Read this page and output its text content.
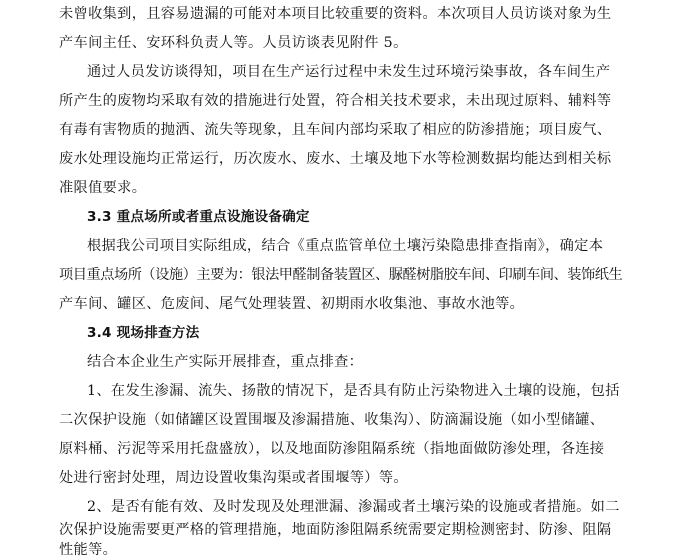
未曾收集到，且容易遗漏的可能对本项目比较重要的资料。本次项目人员访谈对象为生
产车间主任、安环科负责人等。人员访谈表见附件 5。
通过人员发访谈得知，项目在生产运行过程中未发生过环境污染事故，各车间生产
所产生的废物均采取有效的措施进行处置，符合相关技术要求，未出现过原料、辅料等
有毒有害物质的抛洒、流失等现象，且车间内部均采取了相应的防渗措施；项目废气、
废水处理设施均正常运行，历次废水、废水、土壤及地下水等检测数据均能达到相关标
准限值要求。
3.3 重点场所或者重点设施设备确定
根据我公司项目实际组成，结合《重点监管单位土壤污染隐患排查指南》，确定本
项目重点场所（设施）主要为：银法甲醛制备装置区、脲醛树脂胶车间、印刷车间、装饰纸生
产车间、罐区、危废间、尾气处理装置、初期雨水收集池、事故水池等。
3.4 现场排查方法
结合本企业生产实际开展排查，重点排查：
1、在发生渗漏、流失、扬散的情况下，是否具有防止污染物进入土壤的设施，包括
二次保护设施（如储罐区设置围堰及渗漏措施、收集沟）、防滴漏设施（如小型储罐、
原料桶、污泥等采用托盘盛放），以及地面防渗阻隔系统（指地面做防渗处理，各连接
处进行密封处理，周边设置收集沟渠或者围堰等）等。
2、是否有能有效、及时发现及处理泄漏、渗漏或者土壤污染的设施或者措施。如二
次保护设施需要更严格的管理措施，地面防渗阻隔系统需要定期检测密封、防渗、阻隔
性能等。
